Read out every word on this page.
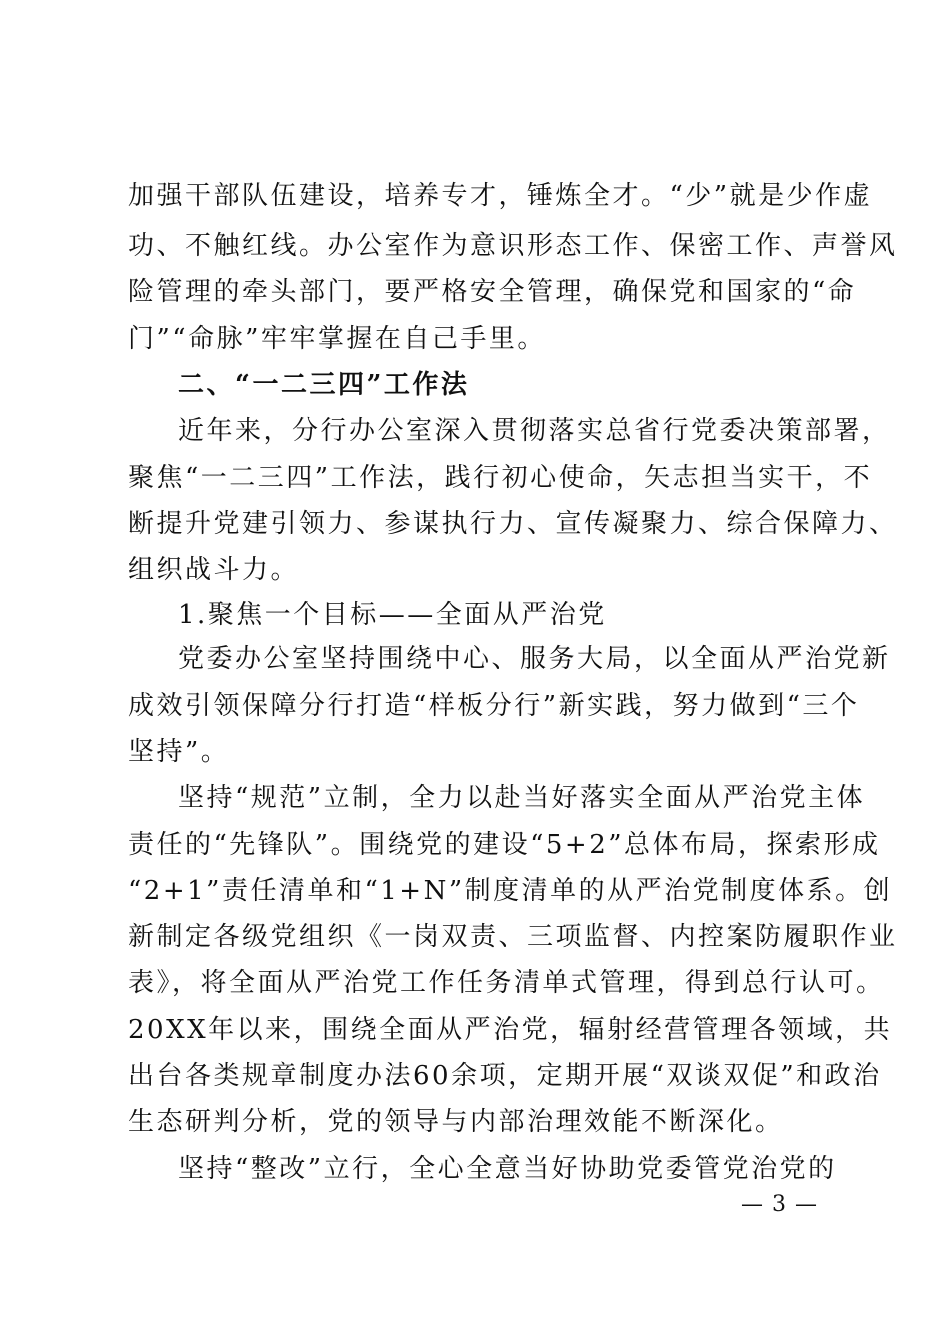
加强干部队伍建设，培养专才，锤炼全才。“少”就是少作虚
功、不触红线。办公室作为意识形态工作、保密工作、声誉风
险管理的牵头部门，要严格安全管理，确保党和国家的“命
门”“命脉”牢牢掌握在自己手里。
二、“一二三四”工作法
近年来，分行办公室深入贯彻落实总省行党委决策部署，
聚焦“一二三四”工作法，践行初心使命，矢志担当实干，不
断提升党建引领力、参谋执行力、宣传凝聚力、综合保障力、
组织战斗力。
1.聚焦一个目标——全面从严治党
党委办公室坚持围绕中心、服务大局，以全面从严治党新
成效引领保障分行打造“样板分行”新实践，努力做到“三个
坚持”。
坚持“规范”立制，全力以赴当好落实全面从严治党主体
责任的“先锋队”。围绕党的建设“5+2”总体布局，探索形成
“2+1”责任清单和“1+N”制度清单的从严治党制度体系。创
新制定各级党组织《一岗双责、三项监督、内控案防履职作业
表》，将全面从严治党工作任务清单式管理，得到总行认可。
20XX年以来，围绕全面从严治党，辐射经营管理各领域，共
出台各类规章制度办法60余项，定期开展“双谈双促”和政治
生态研判分析，党的领导与内部治理效能不断深化。
坚持“整改”立行，全心全意当好协助党委管党治党的
— 3 —
